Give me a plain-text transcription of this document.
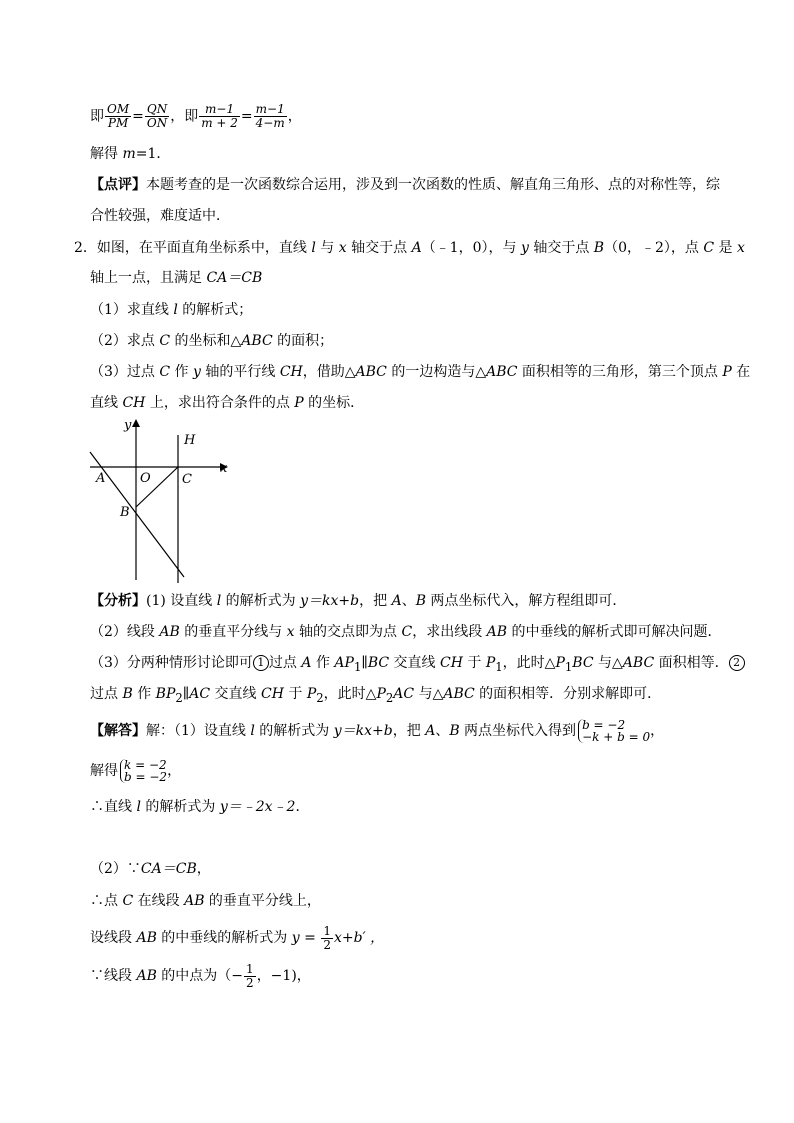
即 $\frac{OM}{PM} = \frac{QN}{ON}$ ，即 $\frac{m-1}{m + 2} = \frac{m-1}{4-m}$ ，
解得 m=1．
【点评】本题考查的是一次函数综合运用，涉及到一次函数的性质、解直角三角形、点的对称性等，综
合性较强，难度适中．
2．如图，在平面直角坐标系中，直线 l 与 x 轴交于点 A（﹣1，0），与 y 轴交于点 B（0，﹣2），点 C 是 x
轴上一点，且满足 CA＝CB
（1）求直线 l 的解析式；
（2）求点 C 的坐标和△ABC 的面积；
（3）过点 C 作 y 轴的平行线 CH，借助△ABC 的一边构造与△ABC 面积相等的三角形，第三个顶点 P 在
直线 CH 上，求出符合条件的点 P 的坐标．
y
x
H
A	O C
B
【分析】(1) 设直线 l 的解析式为 y＝kx+b，把 A、B 两点坐标代入，解方程组即可．
（2）线段 AB 的垂直平分线与 x 轴的交点即为点 C，求出线段 AB 的中垂线的解析式即可解决问题．
（3）分两种情形讨论即可 1 过点 A 作 $AP_1\parallel BC$ 交直线 CH 于 $P_1$，此时$\triangle P_1BC$ 与△ABC 面积相等． 2
过点 B 作 $BP_2\parallel AC$ 交直线 CH 于 $P_2$，此时$\triangle P_2AC$ 与△ABC 的面积相等．分别求解即可．
【解答】解：（1）设直线 l 的解析式为 y＝kx+b，把 A、B 两点坐标代入得到 b = −2
−k + b = 0 ，
解得 k = −2
b = −2 ，
∴直线 l 的解析式为 y＝﹣2x﹣2．
（2）∵CA＝CB，
∴点 C 在线段 AB 的垂直平分线上，
设线段 AB 的中垂线的解析式为 $y = \frac{1}{2} x+b'$ ，
∵线段 AB 的中点为（− $\frac{1}{2}$ ，−1)，
